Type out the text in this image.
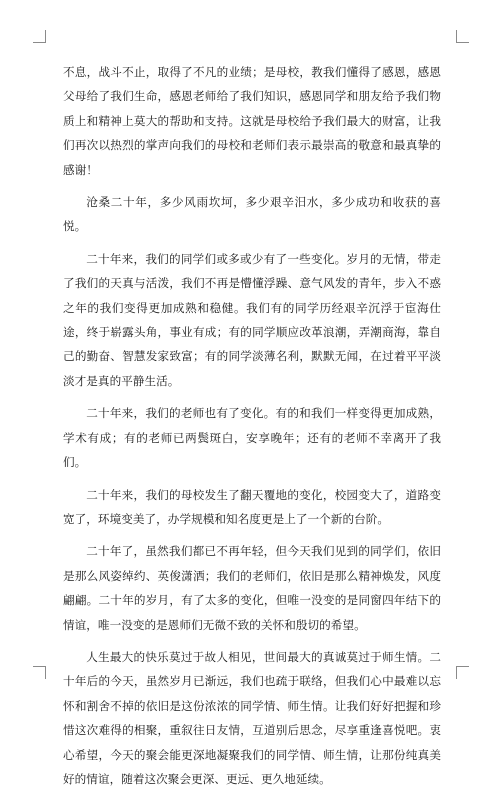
不息，战斗不止，取得了不凡的业绩；是母校，教我们懂得了感恩，感恩父母给了我们生命，感恩老师给了我们知识，感恩同学和朋友给予我们物质上和精神上莫大的帮助和支持。这就是母校给予我们最大的财富，让我们再次以热烈的掌声向我们的母校和老师们表示最崇高的敬意和最真挚的感谢！

沧桑二十年，多少风雨坎坷，多少艰辛汨水，多少成功和收获的喜悦。

二十年来，我们的同学们或多或少有了一些变化。岁月的无情，带走了我们的天真与活泼，我们不再是懵懂浮躁、意气风发的青年，步入不惑之年的我们变得更加成熟和稳健。我们有的同学历经艰辛沉浮于宦海仕途，终于崭露头角，事业有成；有的同学顺应改革浪潮，弄潮商海，靠自己的勤奋、智慧发家致富；有的同学淡薄名利，默默无闻，在过着平平淡淡才是真的平静生活。

二十年来，我们的老师也有了变化。有的和我们一样变得更加成熟，学术有成；有的老师已两鬓斑白，安享晚年；还有的老师不幸离开了我们。

二十年来，我们的母校发生了翻天覆地的变化，校园变大了，道路变宽了，环境变美了，办学规模和知名度更是上了一个新的台阶。

二十年了，虽然我们都已不再年轻，但今天我们见到的同学们，依旧是那么风姿绰约、英俊潇洒；我们的老师们，依旧是那么精神焕发，风度翩翩。二十年的岁月，有了太多的变化，但唯一没变的是同窗四年结下的情谊，唯一没变的是恩师们无微不致的关怀和殷切的希望。

人生最大的快乐莫过于故人相见，世间最大的真诚莫过于师生情。二十年后的今天，虽然岁月已渐远，我们也疏于联络，但我们心中最难以忘怀和割舍不掉的依旧是这份浓浓的同学情、师生情。让我们好好把握和珍惜这次难得的相聚，重叙往日友情，互道别后思念，尽享重逢喜悦吧。衷心希望，今天的聚会能更深地凝聚我们的同学情、师生情，让那份纯真美好的情谊，随着这次聚会更深、更远、更久地延续。
